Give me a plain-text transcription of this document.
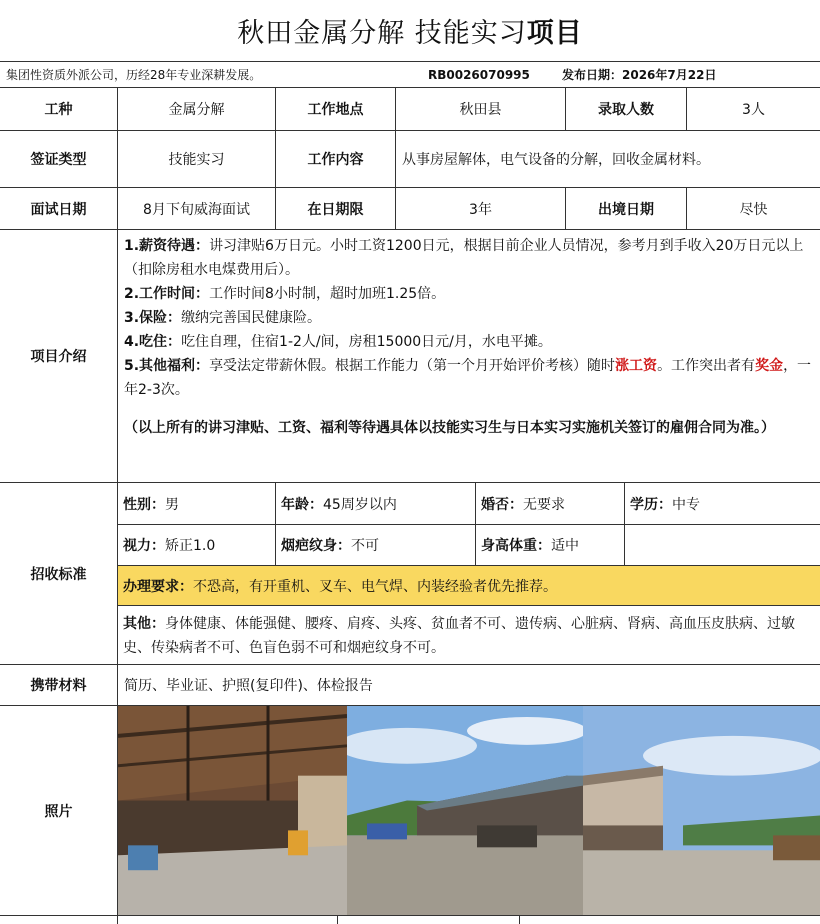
秋田金属分解 技能实习 项目
集团性资质外派公司，历经28年专业深耕发展。	RB0026070995	发布日期：2026年7月22日
工种	金属分解	工作地点	秋田县	录取人数	3人
签证类型	技能实习	工作内容	从事房屋解体，电气设备的分解，回收金属材料。
面试日期	8月下旬威海面试	在日期限	3年	出境日期	尽快
项目介绍
1.薪资待遇：讲习津贴6万日元。小时工资1200日元，根据目前企业人员情况，参考月到手收入20万日元以上（扣除房租水电煤费用后）。
2.工作时间：工作时间8小时制，超时加班1.25倍。
3.保险：缴纳完善国民健康险。
4.吃住：吃住自理，住宿1-2人/间，房租15000日元/月，水电平摊。
5.其他福利：享受法定带薪休假。根据工作能力（第一个月开始评价考核）随时涨工资。工作突出者有奖金，一年2-3次。
（以上所有的讲习津贴、工资、福利等待遇具体以技能实习生与日本实习实施机关签订的雇佣合同为准。）
招收标准
性别： 男	年龄： 45周岁以内	婚否： 无要求	学历： 中专
视力： 矫正1.0	烟疤纹身： 不可	身高体重： 适中
办理要求： 不恐高，有开重机、叉车、电气焊、内装经验者优先推荐。
其他：身体健康、体能强健、腰疼、肩疼、头疼、贫血者不可、遗传病、心脏病、肾病、高血压皮肤病、过敏史、传染病者不可、色盲色弱不可和烟疤纹身不可。
携带材料	简历、毕业证、护照(复印件)、体检报告
照片
